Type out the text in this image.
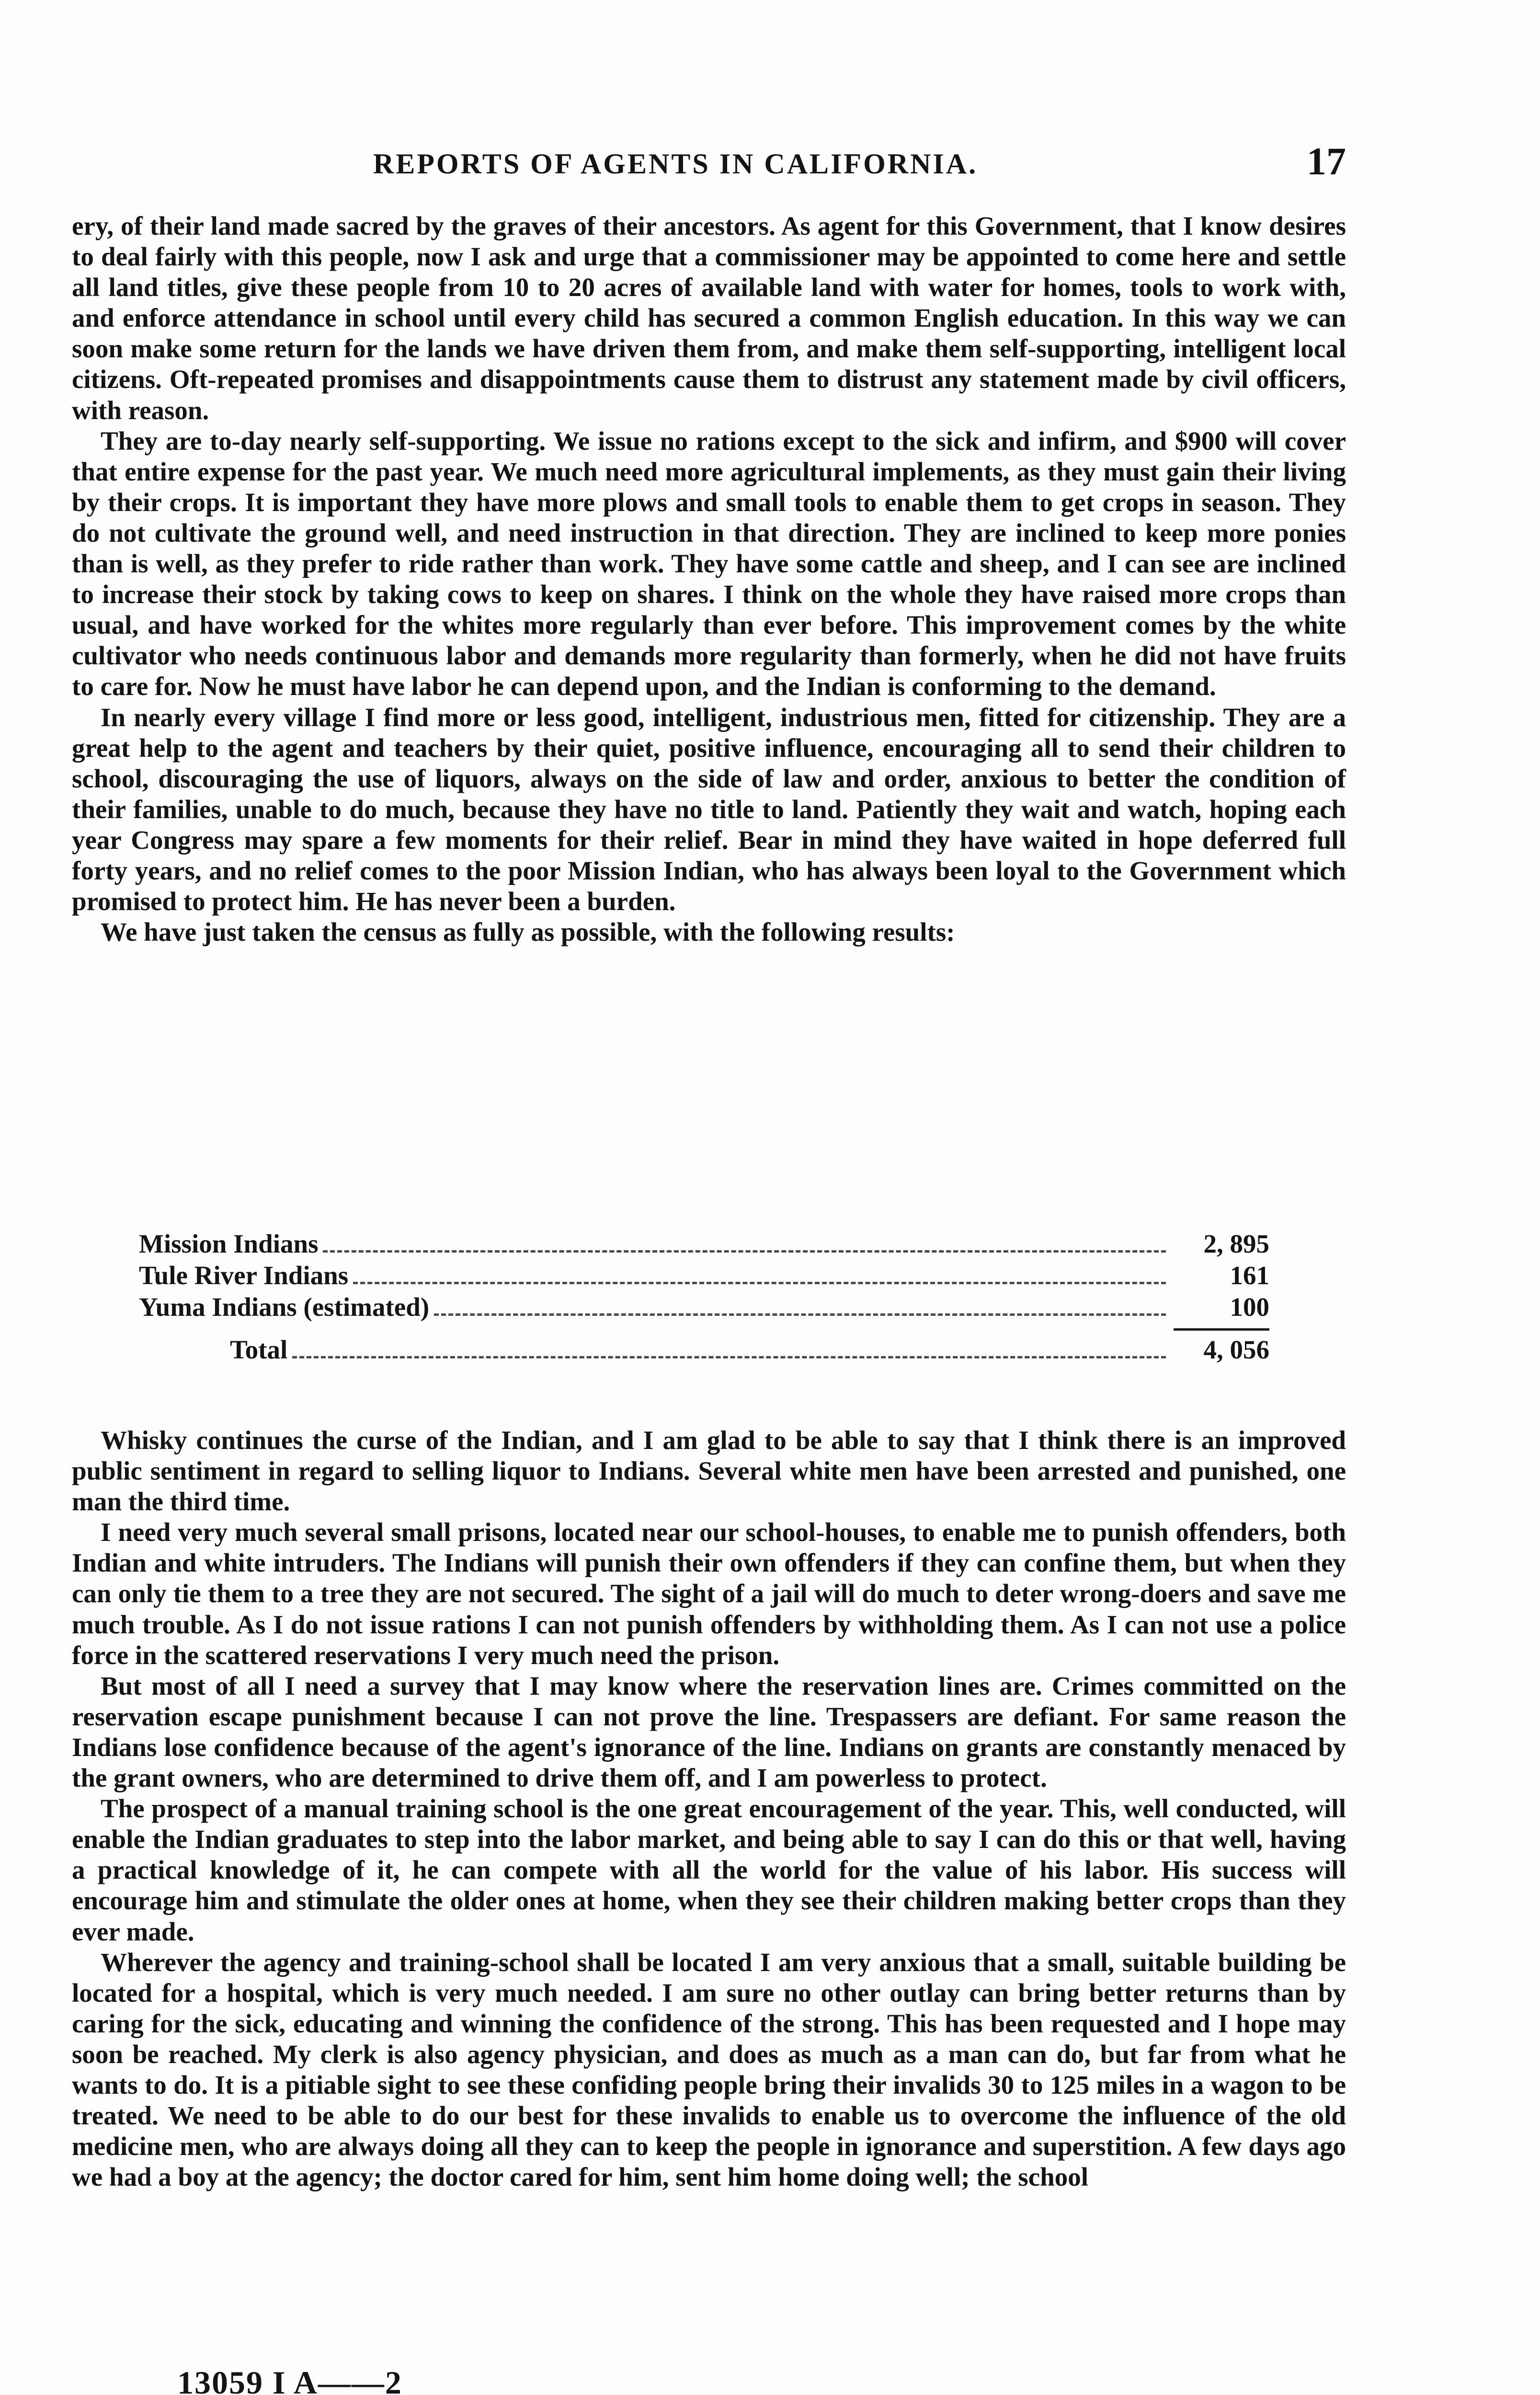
REPORTS OF AGENTS IN CALIFORNIA.	17

ery, of their land made sacred by the graves of their ancestors. As agent for this Government, that I know desires to deal fairly with this people, now I ask and urge that a commissioner may be appointed to come here and settle all land titles, give these people from 10 to 20 acres of available land with water for homes, tools to work with, and enforce attendance in school until every child has secured a common English education. In this way we can soon make some return for the lands we have driven them from, and make them self-supporting, intelligent local citizens. Oft-repeated promises and disappointments cause them to distrust any statement made by civil officers, with reason.

They are to-day nearly self-supporting. We issue no rations except to the sick and infirm, and $900 will cover that entire expense for the past year. We much need more agricultural implements, as they must gain their living by their crops. It is important they have more plows and small tools to enable them to get crops in season. They do not cultivate the ground well, and need instruction in that direction. They are inclined to keep more ponies than is well, as they prefer to ride rather than work. They have some cattle and sheep, and I can see are inclined to increase their stock by taking cows to keep on shares. I think on the whole they have raised more crops than usual, and have worked for the whites more regularly than ever before. This improvement comes by the white cultivator who needs continuous labor and demands more regularity than formerly, when he did not have fruits to care for. Now he must have labor he can depend upon, and the Indian is conforming to the demand.

In nearly every village I find more or less good, intelligent, industrious men, fitted for citizenship. They are a great help to the agent and teachers by their quiet, positive influence, encouraging all to send their children to school, discouraging the use of liquors, always on the side of law and order, anxious to better the condition of their families, unable to do much, because they have no title to land. Patiently they wait and watch, hoping each year Congress may spare a few moments for their relief. Bear in mind they have waited in hope deferred full forty years, and no relief comes to the poor Mission Indian, who has always been loyal to the Government which promised to protect him. He has never been a burden.

We have just taken the census as fully as possible, with the following results:

Mission Indians	2, 895
Tule River Indians	161
Yuma Indians (estimated)	100
Total	4, 056

Whisky continues the curse of the Indian, and I am glad to be able to say that I think there is an improved public sentiment in regard to selling liquor to Indians. Several white men have been arrested and punished, one man the third time.

I need very much several small prisons, located near our school-houses, to enable me to punish offenders, both Indian and white intruders. The Indians will punish their own offenders if they can confine them, but when they can only tie them to a tree they are not secured. The sight of a jail will do much to deter wrong-doers and save me much trouble. As I do not issue rations I can not punish offenders by withholding them. As I can not use a police force in the scattered reservations I very much need the prison.

But most of all I need a survey that I may know where the reservation lines are. Crimes committed on the reservation escape punishment because I can not prove the line. Trespassers are defiant. For same reason the Indians lose confidence because of the agent's ignorance of the line. Indians on grants are constantly menaced by the grant owners, who are determined to drive them off, and I am powerless to protect.

The prospect of a manual training school is the one great encouragement of the year. This, well conducted, will enable the Indian graduates to step into the labor market, and being able to say I can do this or that well, having a practical knowledge of it, he can compete with all the world for the value of his labor. His success will encourage him and stimulate the older ones at home, when they see their children making better crops than they ever made.

Wherever the agency and training-school shall be located I am very anxious that a small, suitable building be located for a hospital, which is very much needed. I am sure no other outlay can bring better returns than by caring for the sick, educating and winning the confidence of the strong. This has been requested and I hope may soon be reached. My clerk is also agency physician, and does as much as a man can do, but far from what he wants to do. It is a pitiable sight to see these confiding people bring their invalids 30 to 125 miles in a wagon to be treated. We need to be able to do our best for these invalids to enable us to overcome the influence of the old medicine men, who are always doing all they can to keep the people in ignorance and superstition. A few days ago we had a boy at the agency; the doctor cared for him, sent him home doing well; the school

13059 I A——2
